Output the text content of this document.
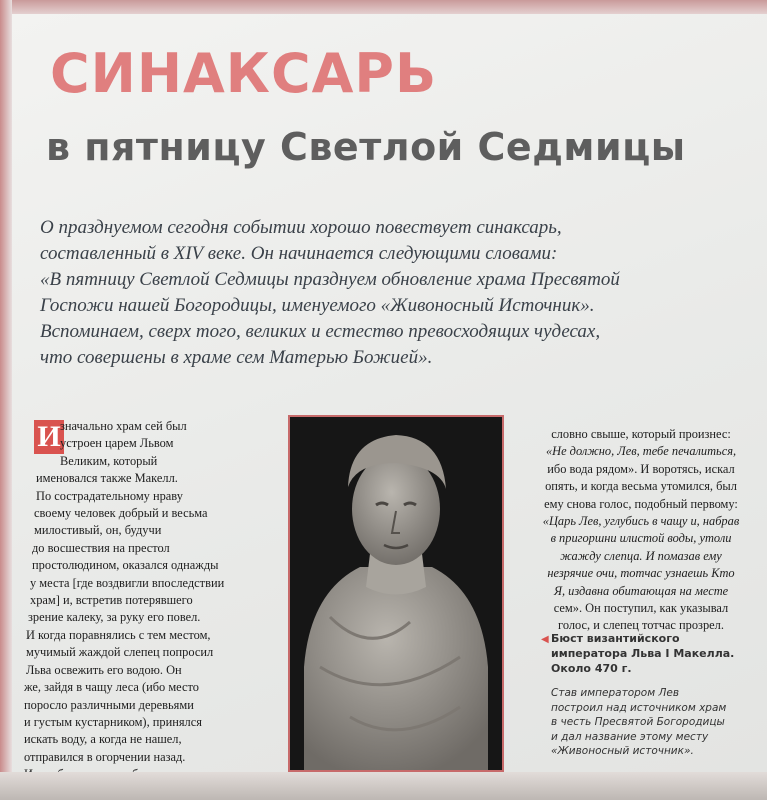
СИНАКСАРЬ
в пятницу Светлой Седмицы
О празднуемом сегодня событии хорошо повествует синаксарь,
составленный в XIV веке. Он начинается следующими словами:
«В пятницу Светлой Седмицы празднуем обновление храма Пресвятой
Госпожи нашей Богородицы, именуемого «Живоносный Источник».
Вспоминаем, сверх того, великих и естество превосходящих чудесах,
что совершены в храме сем Матерью Божией».
И значально храм сей был
устроен царем Львом
Великим, который
именовался также Макелл.
По сострадательному нраву
своему человек добрый и весьма
милостивый, он, будучи
до восшествия на престол
простолюдином, оказался однажды
у места [где воздвигли впоследствии
храм] и, встретив потерявшего
зрение калеку, за руку его повел.
И когда поравнялись с тем местом,
мучимый жаждой слепец попросил
Льва освежить его водою. Он
же, зайдя в чащу леса (ибо место
поросло различными деревьями
и густым кустарником), принялся
искать воду, а когда не нашел,
отправился в огорчении назад.
словно свыше, который произнес:
«Не должно, Лев, тебе печалиться,
ибо вода рядом». И воротясь, искал
опять, и когда весьма утомился, был
ему снова голос, подобный первому:
«Царь Лев, углубись в чащу и, набрав
в пригоршни илистой воды, утоли
жажду слепца. И помазав ему
незрячие очи, тотчас узнаешь Кто
Я, издавна обитающая на месте
сем». Он поступил, как указывал
голос, и слепец тотчас прозрел.
◀ Бюст византийского
императора Льва I Макелла.
Около 470 г.
Став императором Лев
построил над источником храм
в честь Пресвятой Богородицы
и дал название этому месту
«Живоносный источник».
